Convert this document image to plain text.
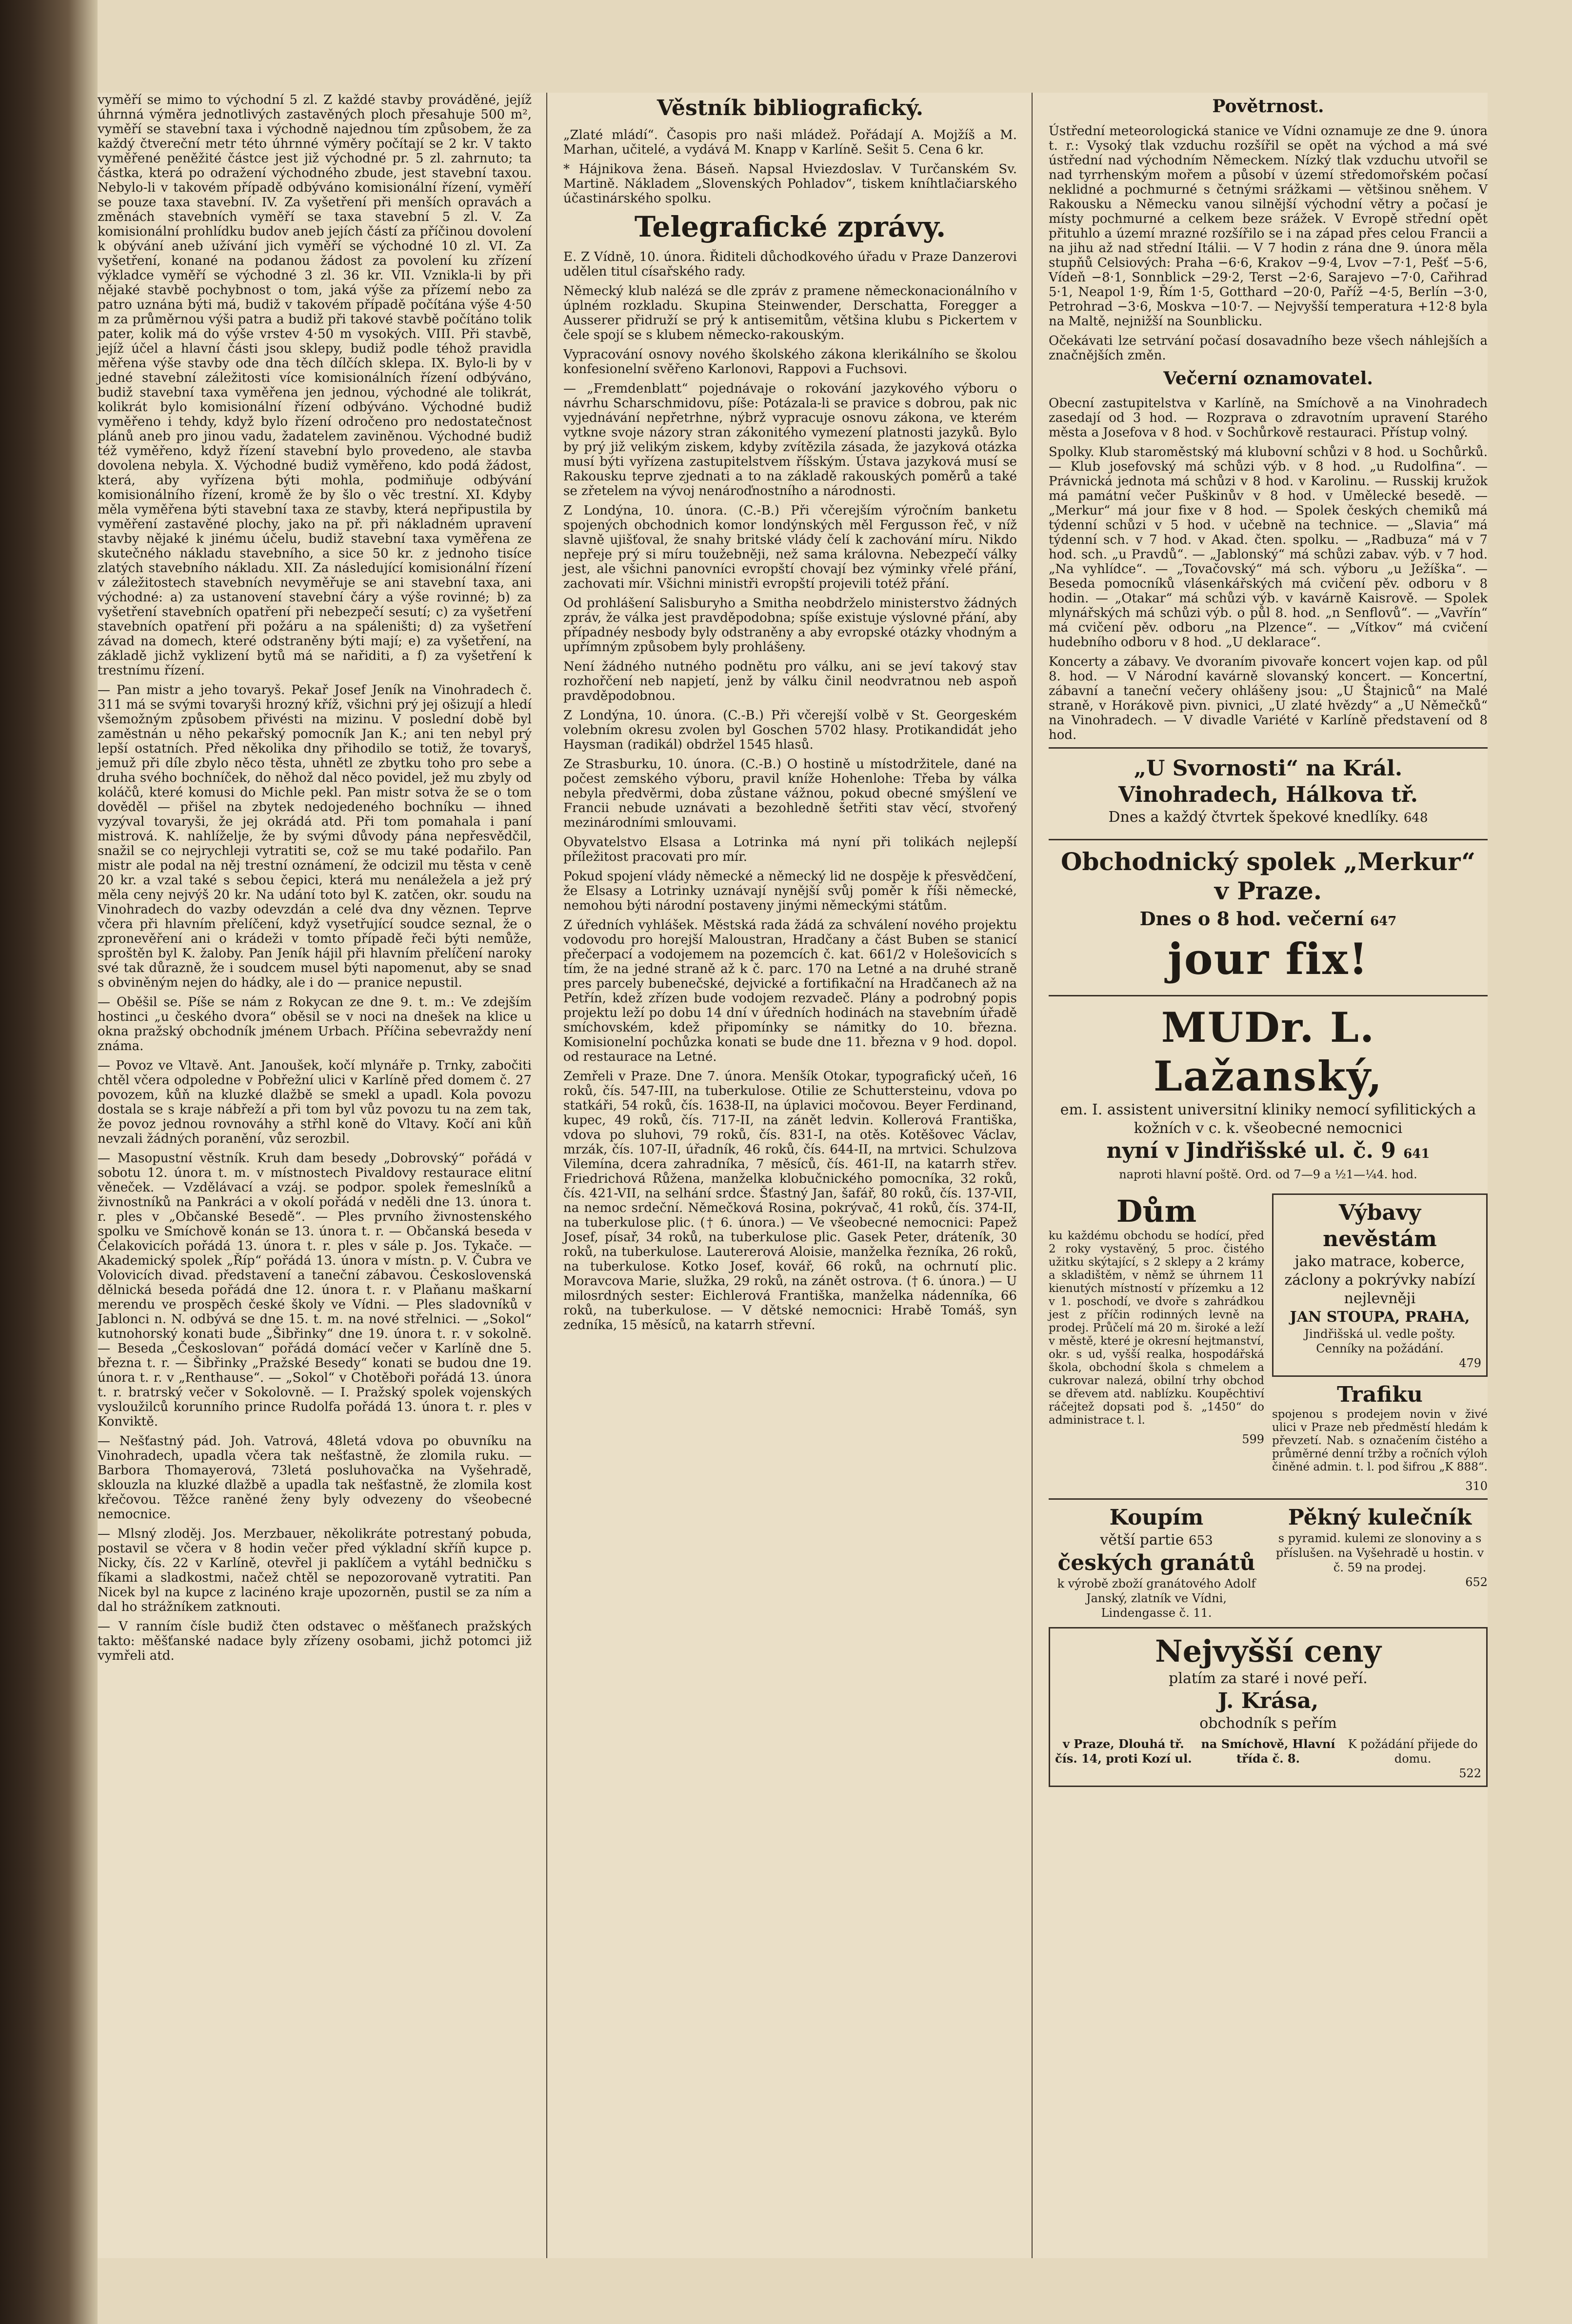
vyměří se mimo to východní 5 zl. Z každé stavby prováděné, jejíž úhrnná výměra jednotlivých zastavěných ploch přesahuje 500 m², vyměří se stavební taxa i východně najednou tím způsobem, že za každý čtvereční metr této úhrnné výměry počítají se 2 kr. V takto vyměřené peněžité částce jest již východné pr. 5 zl. zahrnuto; ta částka, která po odražení východného zbude, jest stavební taxou. Nebylo-li v takovém případě odbýváno komisionální řízení, vyměří se pouze taxa stavební. IV. Za vyšetření při menších opravách a změnách stavebních vyměří se taxa stavební 5 zl. V. Za komisionální prohlídku budov aneb jejích částí za příčinou dovolení k obývání aneb užívání jich vyměří se východné 10 zl. VI. Za vyšetření, konané na podanou žádost za povolení ku zřízení výkladce vyměří se východné 3 zl. 36 kr. VII. Vznikla-li by při nějaké stavbě pochybnost o tom, jaká výše za přízemí nebo za patro uznána býti má, budiž v takovém případě počítána výše 4·50 m za průměrnou výši patra a budiž při takové stavbě počítáno tolik pater, kolik má do výše vrstev 4·50 m vysokých. VIII. Při stavbě, jejíž účel a hlavní části jsou sklepy, budiž podle téhož pravidla měřena výše stavby ode dna těch dílčích sklepa. IX. Bylo-li by v jedné stavební záležitosti více komisionálních řízení odbýváno, budiž stavební taxa vyměřena jen jednou, východné ale tolikrát, kolikrát bylo komisionální řízení odbýváno. Východné budiž vyměřeno i tehdy, když bylo řízení odročeno pro nedostatečnost plánů aneb pro jinou vadu, žadatelem zaviněnou. Východné budiž též vyměřeno, když řízení stavební bylo provedeno, ale stavba dovolena nebyla. X. Východné budiž vyměřeno, kdo podá žádost, která, aby vyřízena býti mohla, podmiňuje odbývání komisionálního řízení, kromě že by šlo o věc trestní. XI. Kdyby měla vyměřena býti stavební taxa ze stavby, která nepřipustila by vyměření zastavěné plochy, jako na př. při nákladném upravení stavby nějaké k jinému účelu, budiž stavební taxa vyměřena ze skutečného nákladu stavebního, a sice 50 kr. z jednoho tisíce zlatých stavebního nákladu. XII. Za následující komisionální řízení v záležitostech stavebních nevyměřuje se ani stavební taxa, ani východné: a) za ustanovení stavební čáry a výše rovinné; b) za vyšetření stavebních opatření při nebezpečí sesutí; c) za vyšetření stavebních opatření při požáru a na spáleništi; d) za vyšetření závad na domech, které odstraněny býti mají; e) za vyšetření, na základě jichž vyklizení bytů má se nařiditi, a f) za vyšetření k trestnímu řízení.

— Pan mistr a jeho tovaryš. Pekař Josef Jeník na Vinohradech č. 311 má se svými tovaryši hrozný kříž, všichni prý jej ošizují a hledí všemožným způsobem přivésti na mizinu. V poslední době byl zaměstnán u něho pekařský pomocník Jan K.; ani ten nebyl prý lepší ostatních. Před několika dny přihodilo se totiž, že tovaryš, jemuž při díle zbylo něco těsta, uhnětl ze zbytku toho pro sebe a druha svého bochníček, do něhož dal něco povidel, jež mu zbyly od koláčů, které komusi do Michle pekl. Pan mistr sotva že se o tom dověděl — přišel na zbytek nedojedeného bochníku — ihned vyzýval tovaryši, že jej okrádá atd. Při tom pomahala i paní mistrová. K. nahlíželje, že by svými důvody pána nepřesvědčil, snažil se co nejrychleji vytratiti se, což se mu také podařilo. Pan mistr ale podal na něj trestní oznámení, že odcizil mu těsta v ceně 20 kr. a vzal také s sebou čepici, která mu nenáležela a jež prý měla ceny nejvýš 20 kr. Na udání toto byl K. zatčen, okr. soudu na Vinohradech do vazby odevzdán a celé dva dny věznen. Teprve včera při hlavním přelíčení, když vysetřující soudce seznal, že o zpronevěření ani o krádeži v tomto případě řeči býti nemůže, sproštěn byl K. žaloby. Pan Jeník hájil při hlavním přelíčení naroky své tak důrazně, že i soudcem musel býti napomenut, aby se snad s obviněným nejen do hádky, ale i do — pranice nepustil.

— Oběšil se. Píše se nám z Rokycan ze dne 9. t. m.: Ve zdejším hostinci „u českého dvora“ oběsil se v noci na dnešek na klice u okna pražský obchodník jménem Urbach. Příčina sebevraždy není známa.

— Povoz ve Vltavě. Ant. Janoušek, kočí mlynáře p. Trnky, zabočiti chtěl včera odpoledne v Pobřežní ulici v Karlíně před domem č. 27 povozem, kůň na kluzké dlažbě se smekl a upadl. Kola povozu dostala se s kraje nábřeží a při tom byl vůz povozu tu na zem tak, že povoz jednou rovnováhy a střhl koně do Vltavy. Kočí ani kůň nevzali žádných poranění, vůz serozbil.

— Masopustní věstník. Kruh dam besedy „Dobrovský“ pořádá v sobotu 12. února t. m. v místnostech Pivaldovy restaurace elitní věneček. — Vzdělávací a vzáj. se podpor. spolek řemeslníků a živnostníků na Pankráci a v okolí pořádá v neděli dne 13. února t. r. ples v „Občanské Besedě“. — Ples prvního živnostenského spolku ve Smíchově konán se 13. února t. r. — Občanská beseda v Čelakovicích pořádá 13. února t. r. ples v sále p. Jos. Tykače. — Akademický spolek „Říp“ pořádá 13. února v místn. p. V. Čubra ve Volovicích divad. představení a taneční zábavou. Československá dělnická beseda pořádá dne 12. února t. r. v Plaňanu maškarní merendu ve prospěch české školy ve Vídni. — Ples sladovníků v Jablonci n. N. odbývá se dne 15. t. m. na nové střelnici. — „Sokol“ kutnohorský konati bude „Šibřinky“ dne 19. února t. r. v sokolně. — Beseda „Českoslovan“ pořádá domácí večer v Karlíně dne 5. března t. r. — Šibřinky „Pražské Besedy“ konati se budou dne 19. února t. r. v „Renthause“. — „Sokol“ v Chotěboři pořádá 13. února t. r. bratrský večer v Sokolovně. — I. Pražský spolek vojenských vysloužilců korunního prince Rudolfa pořádá 13. února t. r. ples v Konviktě.

— Nešťastný pád. Joh. Vatrová, 48letá vdova po obuvníku na Vinohradech, upadla včera tak nešťastně, že zlomila ruku. — Barbora Thomayerová, 73letá posluhovačka na Vyšehradě, sklouzla na kluzké dlažbě a upadla tak nešťastně, že zlomila kost křečovou. Těžce raněné ženy byly odvezeny do všeobecné nemocnice.

— Mlsný zloděj. Jos. Merzbauer, několikráte potrestaný pobuda, postavil se včera v 8 hodin večer před výkladní skříň kupce p. Nicky, čís. 22 v Karlíně, otevřel ji paklíčem a vytáhl bedničku s fíkami a sladkostmi, načež chtěl se nepozorovaně vytratiti. Pan Nicek byl na kupce z lacinéno kraje upozorněn, pustil se za ním a dal ho strážníkem zatknouti.

— V ranním čísle budiž čten odstavec o měšťanech pražských takto: měšťanské nadace byly zřízeny osobami, jichž potomci již vymřeli atd.

Věstník bibliografický.

„Zlaté mládí“. Časopis pro naši mládež. Pořádají A. Mojžíš a M. Marhan, učitelé, a vydává M. Knapp v Karlíně. Sešit 5. Cena 6 kr.

* Hájnikova žena. Báseň. Napsal Hviezdoslav. V Turčanském Sv. Martině. Nákladem „Slovenských Pohladov“, tiskem kníhtlačiarského účastinárského spolku.

Telegrafické zprávy.

E. Z Vídně, 10. února. Řiditeli důchodkového úřadu v Praze Danzerovi udělen titul císařského rady.

Německý klub nalézá se dle zpráv z pramene německonacionálního v úplném rozkladu. Skupina Steinwender, Derschatta, Foregger a Ausserer přidruží se prý k antisemitům, většina klubu s Pickertem v čele spojí se s klubem německo-rakouským.

Vypracování osnovy nového školského zákona klerikálního se školou konfesionelní svěřeno Karlonovi, Rappovi a Fuchsovi.

— „Fremdenblatt“ pojednávaje o rokování jazykového výboru o návrhu Scharschmidovu, píše: Potázala-li se pravice s dobrou, pak nic vyjednávání nepřetrhne, nýbrž vypracuje osnovu zákona, ve kterém vytkne svoje názory stran zákonitého vymezení platnosti jazyků. Bylo by prý již velikým ziskem, kdyby zvítězila zásada, že jazyková otázka musí býti vyřízena zastupitelstvem říšským. Ústava jazyková musí se Rakousku teprve zjednati a to na základě rakouských poměrů a také se zřetelem na vývoj nenároďnostního a národnosti.

Z Londýna, 10. února. (C.-B.) Při včerejším výročním banketu spojených obchodnich komor londýnských měl Fergusson řeč, v níž slavně ujišťoval, že snahy britské vlády čelí k zachování míru. Nikdo nepřeje prý si míru toužebněji, než sama královna. Nebezpečí války jest, ale všichni panovníci evropští chovají bez výminky vřelé přání, zachovati mír. Všichni ministři evropští projevili totéž přání.

Od prohlášení Salisburyho a Smitha neobdrželo ministerstvo žádných zpráv, že válka jest pravděpodobna; spíše existuje výslovné přání, aby případnéy nesbody byly odstraněny a aby evropské otázky vhodným a upřímným způsobem byly prohlášeny.

Není žádného nutného podnětu pro válku, ani se jeví takový stav rozhořčení neb napjetí, jenž by válku činil neodvratnou neb aspoň pravděpodobnou.

Z Londýna, 10. února. (C.-B.) Při včerejší volbě v St. Georgeském volebním okresu zvolen byl Goschen 5702 hlasy. Protikandidát jeho Haysman (radikál) obdržel 1545 hlasů.

Ze Strasburku, 10. února. (C.-B.) O hostině u místodržitele, dané na počest zemského výboru, pravil kníže Hohenlohe: Třeba by válka nebyla předvěrmi, doba zůstane vážnou, pokud obecné smýšlení ve Francii nebude uznávati a bezohledně šetřiti stav věcí, stvořený mezinárodními smlouvami.

Obyvatelstvo Elsasa a Lotrinka má nyní při tolikách nejlepší příležitost pracovati pro mír.

Pokud spojení vlády německé a německý lid ne dospěje k přesvědčení, že Elsasy a Lotrinky uznávají nynější svůj poměr k říši německé, nemohou býti národní postaveny jinými německými státům.

Z úředních vyhlášek. Městská rada žádá za schválení nového projektu vodovodu pro horejší Maloustran, Hradčany a část Buben se stanicí přečerpací a vodojemem na pozemcích č. kat. 661/2 v Holešovicích s tím, že na jedné straně až k č. parc. 170 na Letné a na druhé straně pres parcely bubenečské, dejvické a fortifikační na Hradčanech až na Petřín, kdež zřízen bude vodojem rezvadeč. Plány a podrobný popis projektu leží po dobu 14 dní v úředních hodinách na stavebním úřadě smíchovském, kdež připomínky se námitky do 10. března. Komisionelní pochůzka konati se bude dne 11. března v 9 hod. dopol. od restaurace na Letné.

Zemřeli v Praze. Dne 7. února. Menšík Otokar, typografický učeň, 16 roků, čís. 547-III, na tuberkulose. Otilie ze Schuttersteinu, vdova po statkáři, 54 roků, čís. 1638-II, na úplavici močovou. Beyer Ferdinand, kupec, 49 roků, čís. 717-II, na zánět ledvin. Kollerová Františka, vdova po sluhovi, 79 roků, čís. 831-I, na otěs. Kotěšovec Václav, mrzák, čís. 107-II, úřadník, 46 roků, čís. 644-II, na mrtvici. Schulzova Vilemína, dcera zahradníka, 7 měsíců, čís. 461-II, na katarrh střev. Friedrichová Růžena, manželka klobučnického pomocníka, 32 roků, čís. 421-VII, na selhání srdce. Šťastný Jan, šafář, 80 roků, čís. 137-VII, na nemoc srdeční. Němečková Rosina, pokrývač, 41 roků, čís. 374-II, na tuberkulose plic. († 6. února.) — Ve všeobecné nemocnici: Papež Josef, písař, 34 roků, na tuberkulose plic. Gasek Peter, dráteník, 30 roků, na tuberkulose. Lautererová Aloisie, manželka řezníka, 26 roků, na tuberkulose. Kotko Josef, kovář, 66 roků, na ochrnutí plic. Moravcova Marie, služka, 29 roků, na zánět ostrova. († 6. února.) — U milosrdných sester: Eichlerová Františka, manželka nádenníka, 66 roků, na tuberkulose. — V dětské nemocnici: Hrabě Tomáš, syn zedníka, 15 měsíců, na katarrh střevní.

Povětrnost.

Ústřední meteorologická stanice ve Vídni oznamuje ze dne 9. února t. r.: Vysoký tlak vzduchu rozšířil se opět na východ a má své ústřední nad východním Německem. Nízký tlak vzduchu utvořil se nad tyrrhenským mořem a působí v území středomořském počasí neklidné a pochmurné s četnými srážkami — většinou sněhem. V Rakousku a Německu vanou silnější východní větry a počasí je místy pochmurné a celkem beze srážek. V Evropě střední opět přituhlo a území mrazné rozšířilo se i na západ přes celou Francii a na jihu až nad střední Itálii. — V 7 hodin z rána dne 9. února měla stupňů Celsiových: Praha −6·6, Krakov −9·4, Lvov −7·1, Pešť −5·6, Vídeň −8·1, Sonnblick −29·2, Terst −2·6, Sarajevo −7·0, Cařihrad 5·1, Neapol 1·9, Řím 1·5, Gotthard −20·0, Paříž −4·5, Berlín −3·0, Petrohrad −3·6, Moskva −10·7. — Nejvyšší temperatura +12·8 byla na Maltě, nejnižší na Sounblicku.

Očekávati lze setrvání počasí dosavadního beze všech náhlejších a značnějších změn.

Večerní oznamovatel.

Obecní zastupitelstva v Karlíně, na Smíchově a na Vinohradech zasedají od 3 hod. — Rozprava o zdravotním upravení Starého města a Josefova v 8 hod. v Sochůrkově restauraci. Přístup volný.

Spolky. Klub staroměstský má klubovní schůzi v 8 hod. u Sochůrků. — Klub josefovský má schůzi výb. v 8 hod. „u Rudolfina“. — Právnická jednota má schůzi v 8 hod. v Karolinu. — Russkij kružok má památní večer Puškinův v 8 hod. v Umělecké besedě. — „Merkur“ má jour fixe v 8 hod. — Spolek českých chemiků má týdenní schůzi v 5 hod. v učebně na technice. — „Slavia“ má týdenní sch. v 7 hod. v Akad. čten. spolku. — „Radbuza“ má v 7 hod. sch. „u Pravdů“. — „Jablonský“ má schůzi zabav. výb. v 7 hod. „Na vyhlídce“. — „Tovačovský“ má sch. výboru „u Ježíška“. — Beseda pomocníků vlásenkářských má cvičení pěv. odboru v 8 hodin. — „Otakar“ má schůzi výb. v kavárně Kaisrově. — Spolek mlynářských má schůzi výb. o půl 8. hod. „n Senflovů“. — „Vavřín“ má cvičení pěv. odboru „na Plzence“. — „Vítkov“ má cvičení hudebního odboru v 8 hod. „U deklarace“.

Koncerty a zábavy. Ve dvoraním pivovaře koncert vojen kap. od půl 8. hod. — V Národní kavárně slovanský koncert. — Koncertní, zábavní a taneční večery ohlášeny jsou: „U Štajniců“ na Malé straně, v Horákově pivn. pivnici, „U zlaté hvězdy“ a „U Němečků“ na Vinohradech. — V divadle Variété v Karlíně představení od 8 hod.

„U Svornosti“ na Král. Vinohradech, Hálkova tř.
Dnes a každý čtvrtek špekové knedlíky. 648
Obchodnický spolek „Merkur“ v Praze.
Dnes o 8 hod. večerní 647
jour fix!
MUDr. L. Lažanský,
em. I. assistent universitní kliniky nemocí syfilitických a kožních v c. k. všeobecné nemocnici
nyní v Jindřišské ul. č. 9 641
naproti hlavní poště. Ord. od 7—9 a ½1—¼4. hod.
Dům

ku každému obchodu se hodící, před 2 roky vystavěný, 5 proc. čistého užitku skýtající, s 2 sklepy a 2 krámy a skladištěm, v němž se úhrnem 11 kienutých místností v přízemku a 12 v 1. poschodí, ve dvoře s zahrádkou jest z příčin rodinných levně na prodej. Průčelí má 20 m. široké a leží v městě, které je okresní hejtmanství, okr. s ud, vyšší realka, hospodářská škola, obchodní škola s chmelem a cukrovar nalezá, obilní trhy obchod se dřevem atd. nablízku. Koupěchtiví ráčejtež dopsati pod š. „1450“ do administrace t. l.

599
Výbavy nevěstám
jako matrace, koberce, záclony a pokrývky nabízí nejlevněji
JAN STOUPA, PRAHA,
Jindřišská ul. vedle pošty. Cenníky na požádání.
479
Trafiku

spojenou s prodejem novin v živé ulici v Praze neb předměstí hledám k převzetí. Nab. s označením čistého a průměrné denní tržby a ročních výloh činěné admin. t. l. pod šifrou „K 888“.

310
Koupím
větší partie 653
českých granátů
k výrobě zboží granátového Adolf Janský, zlatník ve Vídni, Lindengasse č. 11.
Pěkný kulečník
s pyramid. kulemi ze slonoviny a s příslušen. na Vyšehradě u hostin. v č. 59 na prodej.
652
Nejvyšší ceny
platím za staré i nové peří.
J. Krása,
obchodník s peřím
v Praze, Dlouhá tř. čís. 14, proti Kozí ul.
na Smíchově, Hlavní třída č. 8.
K požádání přijede do domu.
522
